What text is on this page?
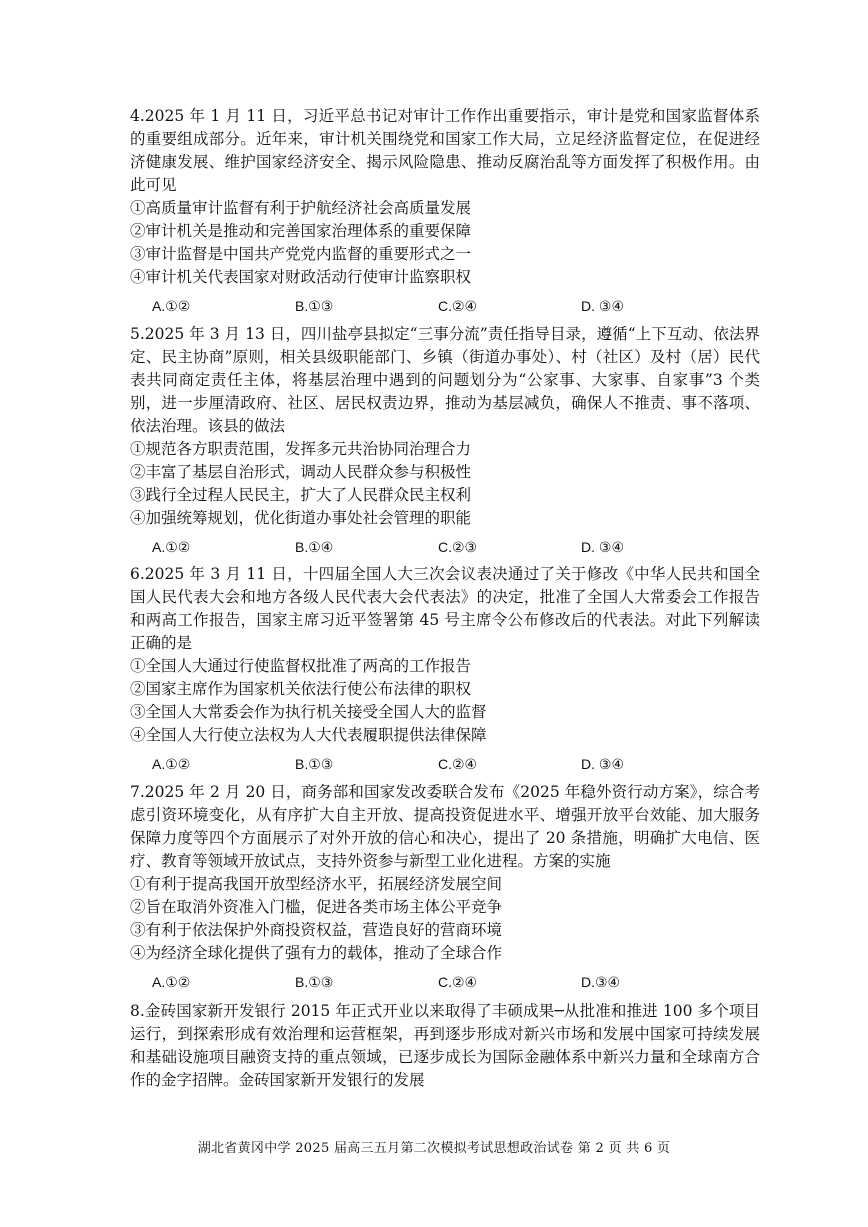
4.2025 年 1 月 11 日，习近平总书记对审计工作作出重要指示，审计是党和国家监督体系的重要组成部分。近年来，审计机关围绕党和国家工作大局，立足经济监督定位，在促进经济健康发展、维护国家经济安全、揭示风险隐患、推动反腐治乱等方面发挥了积极作用。由此可见

①高质量审计监督有利于护航经济社会高质量发展

②审计机关是推动和完善国家治理体系的重要保障

③审计监督是中国共产党党内监督的重要形式之一

④审计机关代表国家对财政活动行使审计监察职权

A.①②	B.①③	C.②④	D. ③④

5.2025 年 3 月 13 日，四川盐亭县拟定“三事分流”责任指导目录，遵循“上下互动、依法界定、民主协商”原则，相关县级职能部门、乡镇（街道办事处）、村（社区）及村（居）民代表共同商定责任主体，将基层治理中遇到的问题划分为“公家事、大家事、自家事”3 个类别，进一步厘清政府、社区、居民权责边界，推动为基层减负，确保人不推责、事不落项、依法治理。该县的做法

①规范各方职责范围，发挥多元共治协同治理合力

②丰富了基层自治形式，调动人民群众参与积极性

③践行全过程人民民主，扩大了人民群众民主权利

④加强统筹规划，优化街道办事处社会管理的职能

A.①②	B.①④	C.②③	D. ③④

6.2025 年 3 月 11 日，十四届全国人大三次会议表决通过了关于修改《中华人民共和国全国人民代表大会和地方各级人民代表大会代表法》的决定，批准了全国人大常委会工作报告和两高工作报告，国家主席习近平签署第 45 号主席令公布修改后的代表法。对此下列解读正确的是

①全国人大通过行使监督权批准了两高的工作报告

②国家主席作为国家机关依法行使公布法律的职权

③全国人大常委会作为执行机关接受全国人大的监督

④全国人大行使立法权为人大代表履职提供法律保障

A.①②	B.①③	C.②④	D. ③④

7.2025 年 2 月 20 日，商务部和国家发改委联合发布《2025 年稳外资行动方案》，综合考虑引资环境变化，从有序扩大自主开放、提高投资促进水平、增强开放平台效能、加大服务保障力度等四个方面展示了对外开放的信心和决心，提出了 20 条措施，明确扩大电信、医疗、教育等领域开放试点，支持外资参与新型工业化进程。方案的实施

①有利于提高我国开放型经济水平，拓展经济发展空间

②旨在取消外资准入门槛，促进各类市场主体公平竞争

③有利于依法保护外商投资权益，营造良好的营商环境

④为经济全球化提供了强有力的载体，推动了全球合作

A.①②	B.①③	C.②④	D.③④

8.金砖国家新开发银行 2015 年正式开业以来取得了丰硕成果─从批准和推进 100 多个项目运行，到探索形成有效治理和运营框架，再到逐步形成对新兴市场和发展中国家可持续发展和基础设施项目融资支持的重点领域，已逐步成长为国际金融体系中新兴力量和全球南方合作的金字招牌。金砖国家新开发银行的发展

湖北省黄冈中学 2025 届高三五月第二次模拟考试思想政治试卷 第 2 页 共 6 页
